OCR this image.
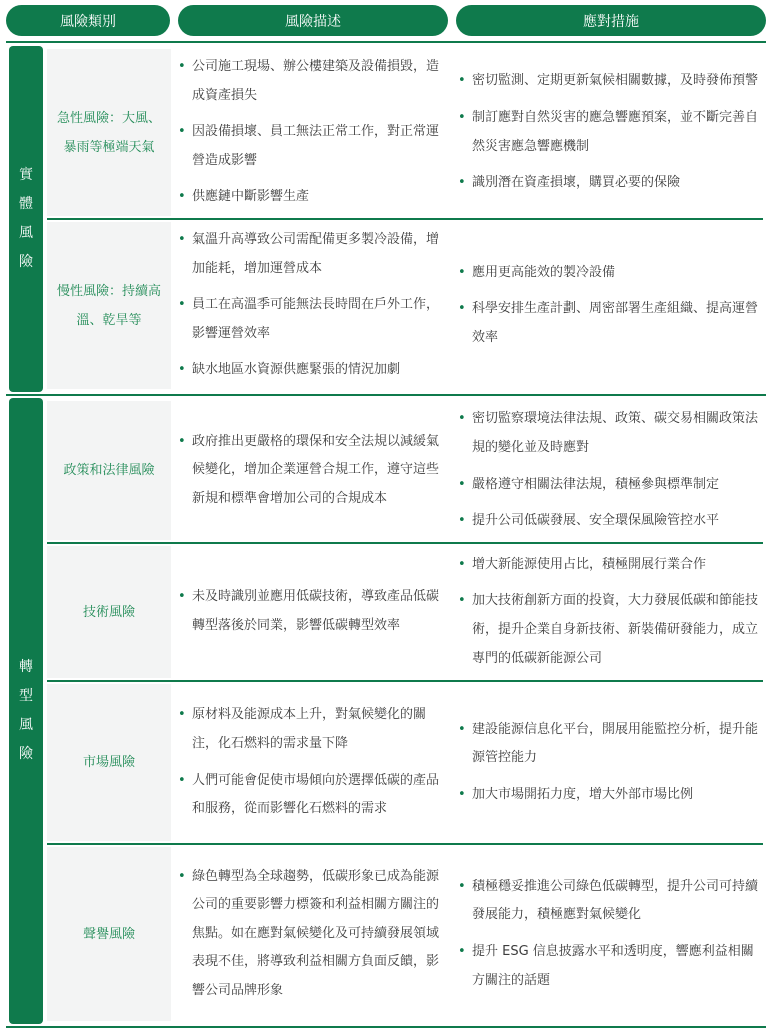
風險類別	風險描述	應對措施
實
體
風
險
急性風險：大風、暴雨等極端天氣
• 公司施工現場、辦公樓建築及設備損毀，造成資產損失
• 因設備損壞、員工無法正常工作，對正常運營造成影響
• 供應鏈中斷影響生產
• 密切監測、定期更新氣候相關數據，及時發佈預警
• 制訂應對自然災害的應急響應預案，並不斷完善自然災害應急響應機制
• 識別潛在資產損壞，購買必要的保險
慢性風險：持續高溫、乾旱等
• 氣溫升高導致公司需配備更多製冷設備，增加能耗，增加運營成本
• 員工在高溫季可能無法長時間在戶外工作，影響運營效率
• 缺水地區水資源供應緊張的情況加劇
• 應用更高能效的製冷設備
• 科學安排生產計劃、周密部署生產組織、提高運營效率
轉
型
風
險
政策和法律風險
• 政府推出更嚴格的環保和安全法規以減緩氣候變化，增加企業運營合規工作，遵守這些新規和標準會增加公司的合規成本
• 密切監察環境法律法規、政策、碳交易相關政策法規的變化並及時應對
• 嚴格遵守相關法律法規，積極參與標準制定
• 提升公司低碳發展、安全環保風險管控水平
技術風險
• 未及時識別並應用低碳技術，導致產品低碳轉型落後於同業，影響低碳轉型效率
• 增大新能源使用占比，積極開展行業合作
• 加大技術創新方面的投資，大力發展低碳和節能技術，提升企業自身新技術、新裝備研發能力，成立專門的低碳新能源公司
市場風險
• 原材料及能源成本上升，對氣候變化的關注，化石燃料的需求量下降
• 人們可能會促使市場傾向於選擇低碳的產品和服務，從而影響化石燃料的需求
• 建設能源信息化平台，開展用能監控分析，提升能源管控能力
• 加大市場開拓力度，增大外部市場比例
聲譽風險
• 綠色轉型為全球趨勢，低碳形象已成為能源公司的重要影響力標簽和利益相關方關注的焦點。如在應對氣候變化及可持續發展領域表現不佳，將導致利益相關方負面反饋，影響公司品牌形象
• 積極穩妥推進公司綠色低碳轉型，提升公司可持續發展能力，積極應對氣候變化
• 提升 ESG 信息披露水平和透明度，響應利益相關方關注的話題
